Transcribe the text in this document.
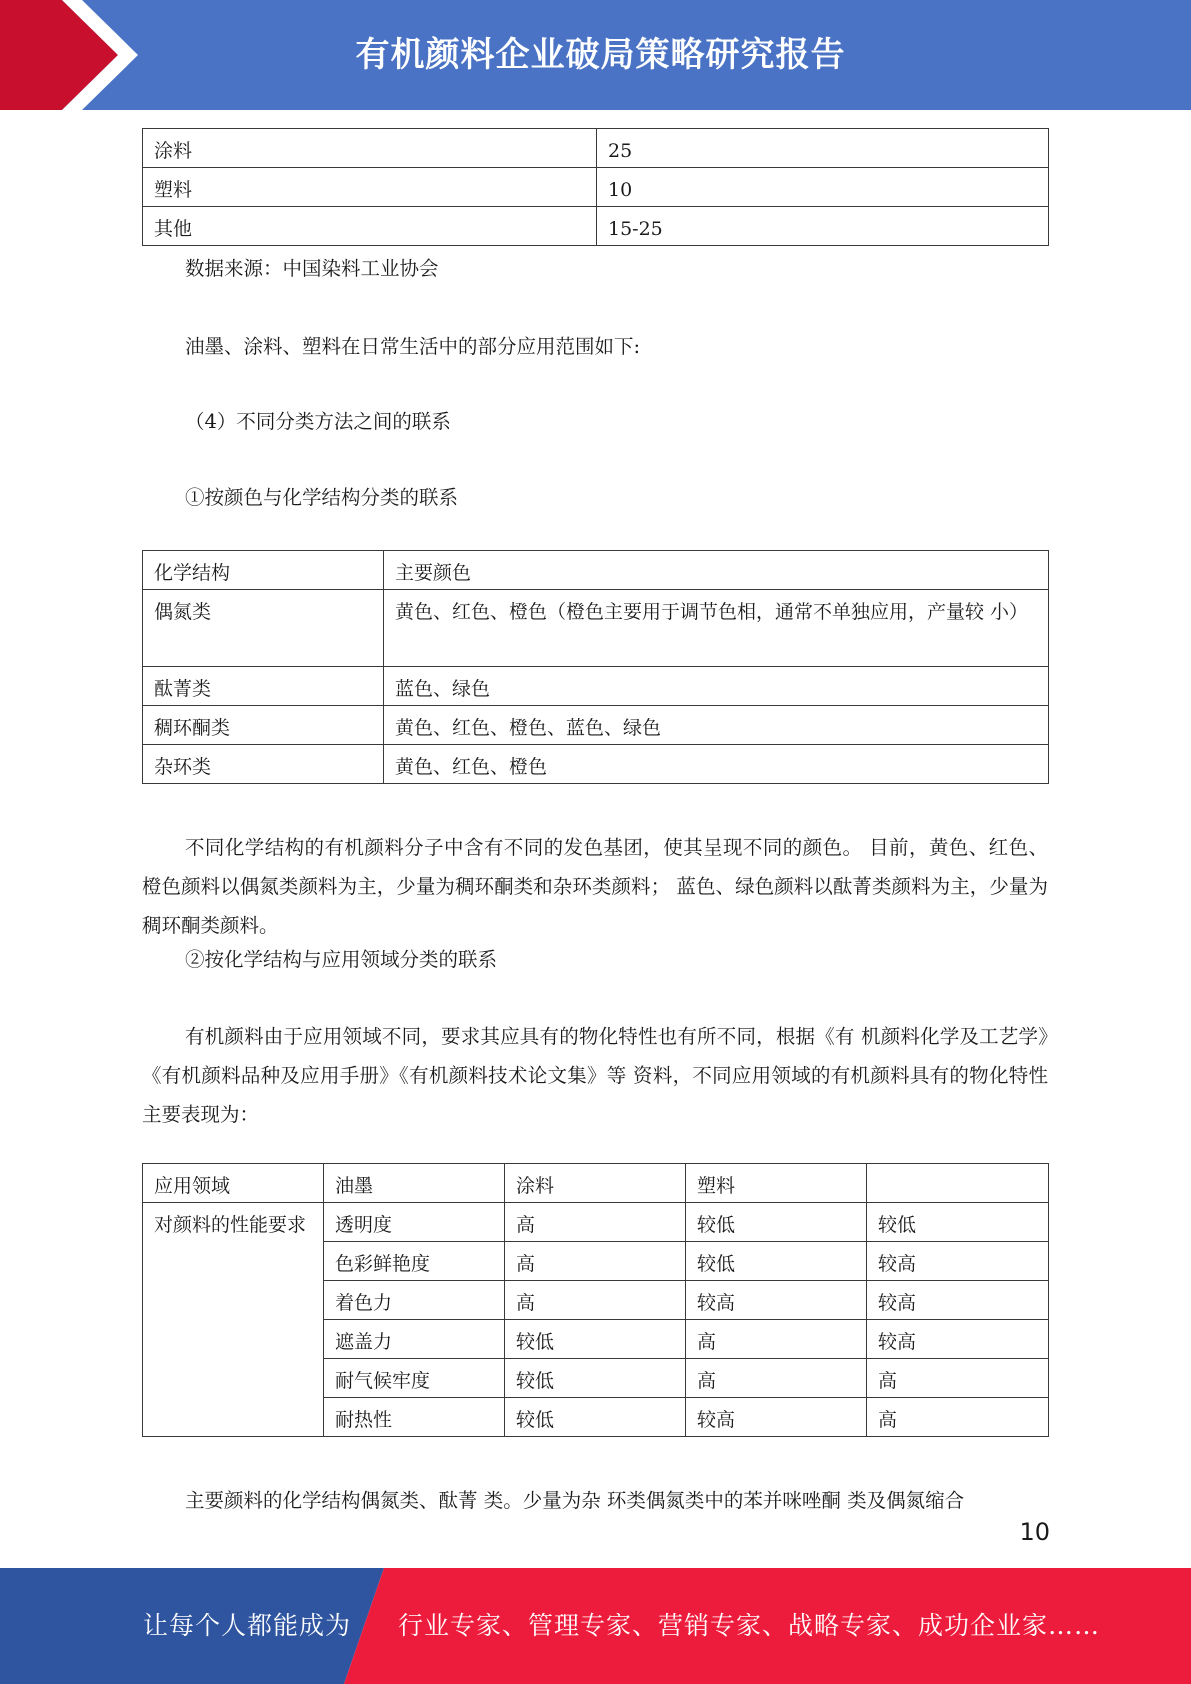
有机颜料企业破局策略研究报告
涂料	25
塑料	10
其他	15-25
数据来源：中国染料工业协会
油墨、涂料、塑料在日常生活中的部分应用范围如下:
（4）不同分类方法之间的联系
①按颜色与化学结构分类的联系
化学结构	主要颜色
偶氮类	黄色、红色、橙色（橙色主要用于调节色相，通常不单独应用，产量较 小）
酞菁类	蓝色、绿色
稠环酮类	黄色、红色、橙色、蓝色、绿色
杂环类	黄色、红色、橙色
不同化学结构的有机颜料分子中含有不同的发色基团，使其呈现不同的颜色。 目前，黄色、红色、橙色颜料以偶氮类颜料为主，少量为稠环酮类和杂环类颜料； 蓝色、绿色颜料以酞菁类颜料为主，少量为稠环酮类颜料。
②按化学结构与应用领域分类的联系
有机颜料由于应用领域不同，要求其应具有的物化特性也有所不同，根据《有 机颜料化学及工艺学》《有机颜料品种及应用手册》《有机颜料技术论文集》等 资料，不同应用领域的有机颜料具有的物化特性主要表现为：
应用领域	油墨	涂料	塑料	
对颜料的性能要求	透明度	高	较低	较低
	色彩鲜艳度	高	较低	较高
	着色力	高	较高	较高
	遮盖力	较低	高	较高
	耐气候牢度	较低	高	高
	耐热性	较低	较高	高
主要颜料的化学结构偶氮类、酞菁 类。少量为杂 环类偶氮类中的苯并咪唑酮 类及偶氮缩合
10
让每个人都能成为 行业专家、管理专家、营销专家、战略专家、成功企业家……
